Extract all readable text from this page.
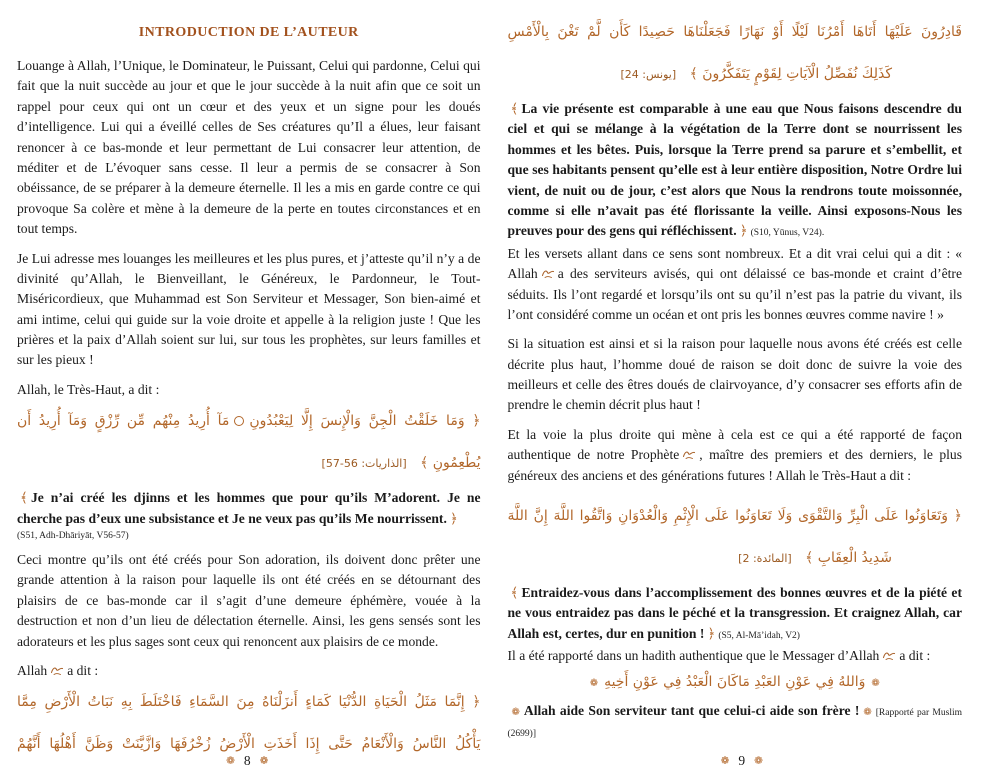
INTRODUCTION DE L’AUTEUR

Louange à Allah, l’Unique, le Dominateur, le Puissant, Celui qui pardonne, Celui qui fait que la nuit succède au jour et que le jour succède à la nuit afin que ce soit un rappel pour ceux qui ont un cœur et des yeux et un signe pour les doués d’intelligence. Lui qui a éveillé celles de Ses créatures qu’Il a élues, leur faisant renoncer à ce bas-monde et leur permettant de Lui consacrer leur attention, de méditer et de L’évoquer sans cesse. Il leur a permis de se consacrer à Son obéissance, de se préparer à la demeure éternelle. Il les a mis en garde contre ce qui provoque Sa colère et mène à la demeure de la perte en toutes circonstances et en tout temps.

Je Lui adresse mes louanges les meilleures et les plus pures, et j’atteste qu’il n’y a de divinité qu’Allah, le Bienveillant, le Généreux, le Pardonneur, le Tout-Miséricordieux, que Muhammad est Son Serviteur et Messager, Son bien-aimé et ami intime, celui qui guide sur la voie droite et appelle à la religion juste ! Que les prières et la paix d’Allah soient sur lui, sur tous les prophètes, sur leurs familles et sur les pieux !

Allah, le Très-Haut, a dit :

﴿ وَمَا خَلَقْتُ الْجِنَّ وَالْإِنسَ إِلَّا لِيَعْبُدُونِمَآ أُرِيدُ مِنْهُم مِّن رِّزْقٍ وَمَآ أُرِيدُ أَن
يُطْعِمُونِ ﴾ [الذاريات: 56-57]

﴾ Je n’ai créé les djinns et les hommes que pour qu’ils M’adorent. Je ne cherche pas d’eux une subsistance et Je ne veux pas qu’ils Me nourrissent. ﴿

(S51, Adh-Dhāriyāt, V56-57)

Ceci montre qu’ils ont été créés pour Son adoration, ils doivent donc prêter une grande attention à la raison pour laquelle ils ont été créés en se détournant des plaisirs de ce bas-monde car il s’agit d’une demeure éphémère, vouée à la destruction et non d’un lieu de délectation éternelle. Ainsi, les gens sensés sont les adorateurs et les plus sages sont ceux qui renoncent aux plaisirs de ce monde.

Allah a dit :

﴿ إِنَّمَا مَثَلُ الْحَيَاةِ الدُّنْيَا كَمَاءٍ أَنزَلْنَاهُ مِنَ السَّمَاءِ فَاخْتَلَطَ بِهِ نَبَاتُ الْأَرْضِ مِمَّا
يَأْكُلُ النَّاسُ وَالْأَنْعَامُ حَتَّى إِذَا أَخَذَتِ الْأَرْضُ زُخْرُفَهَا وَازَّيَّنَتْ وَظَنَّ أَهْلُهَا أَنَّهُمْ
❁ 8 ❁
قَادِرُونَ عَلَيْهَا أَتَاهَا أَمْرُنَا لَيْلًا أَوْ نَهَارًا فَجَعَلْنَاهَا حَصِيدًا كَأَن لَّمْ تَغْنَ بِالْأَمْسِ
كَذَلِكَ نُفَصِّلُ الْآيَاتِ لِقَوْمٍ يَتَفَكَّرُونَ ﴾ [يونس: 24]

﴾ La vie présente est comparable à une eau que Nous faisons descendre du ciel et qui se mélange à la végétation de la Terre dont se nourrissent les hommes et les bêtes. Puis, lorsque la Terre prend sa parure et s’embellit, et que ses habitants pensent qu’elle est à leur entière disposition, Notre Ordre lui vient, de nuit ou de jour, c’est alors que Nous la rendrons toute moissonnée, comme si elle n’avait pas été florissante la veille. Ainsi exposons-Nous les preuves pour des gens qui réfléchissent. ﴿ (S10, Yūnus, V24).

Et les versets allant dans ce sens sont nombreux. Et a dit vrai celui qui a dit : « Allah a des serviteurs avisés, qui ont délaissé ce bas-monde et craint d’être séduits. Ils l’ont regardé et lorsqu’ils ont su qu’il n’est pas la patrie du vivant, ils l’ont considéré comme un océan et ont pris les bonnes œuvres comme navire ! »

Si la situation est ainsi et si la raison pour laquelle nous avons été créés est celle décrite plus haut, l’homme doué de raison se doit donc de suivre la voie des meilleurs et celle des êtres doués de clairvoyance, d’y consacrer ses efforts afin de prendre le chemin décrit plus haut !

Et la voie la plus droite qui mène à cela est ce qui a été rapporté de façon authentique de notre Prophète , maître des premiers et des derniers, le plus généreux des anciens et des générations futures ! Allah le Très-Haut a dit :

﴿ وَتَعَاوَنُوا عَلَى الْبِرِّ وَالتَّقْوَى وَلَا تَعَاوَنُوا عَلَى الْإِثْمِ وَالْعُدْوَانِ وَاتَّقُوا اللَّهَ إِنَّ اللَّهَ
شَدِيدُ الْعِقَابِ ﴾ [المائدة: 2]

﴾ Entraidez-vous dans l’accomplissement des bonnes œuvres et de la piété et ne vous entraidez pas dans le péché et la transgression. Et craignez Allah, car Allah est, certes, dur en punition ! ﴿ (S5, Al-Mā’idah, V2)

Il a été rapporté dans un hadith authentique que le Messager d’Allah a dit :

❁وَاللهُ فِي عَوْنِ العَبْدِ مَاكَانَ الْعَبْدُ فِي عَوْنِ أَخِيهِ❁

❁ Allah aide Son serviteur tant que celui-ci aide son frère ! ❁ [Rapporté par Muslim (2699)]

❁ 9 ❁
